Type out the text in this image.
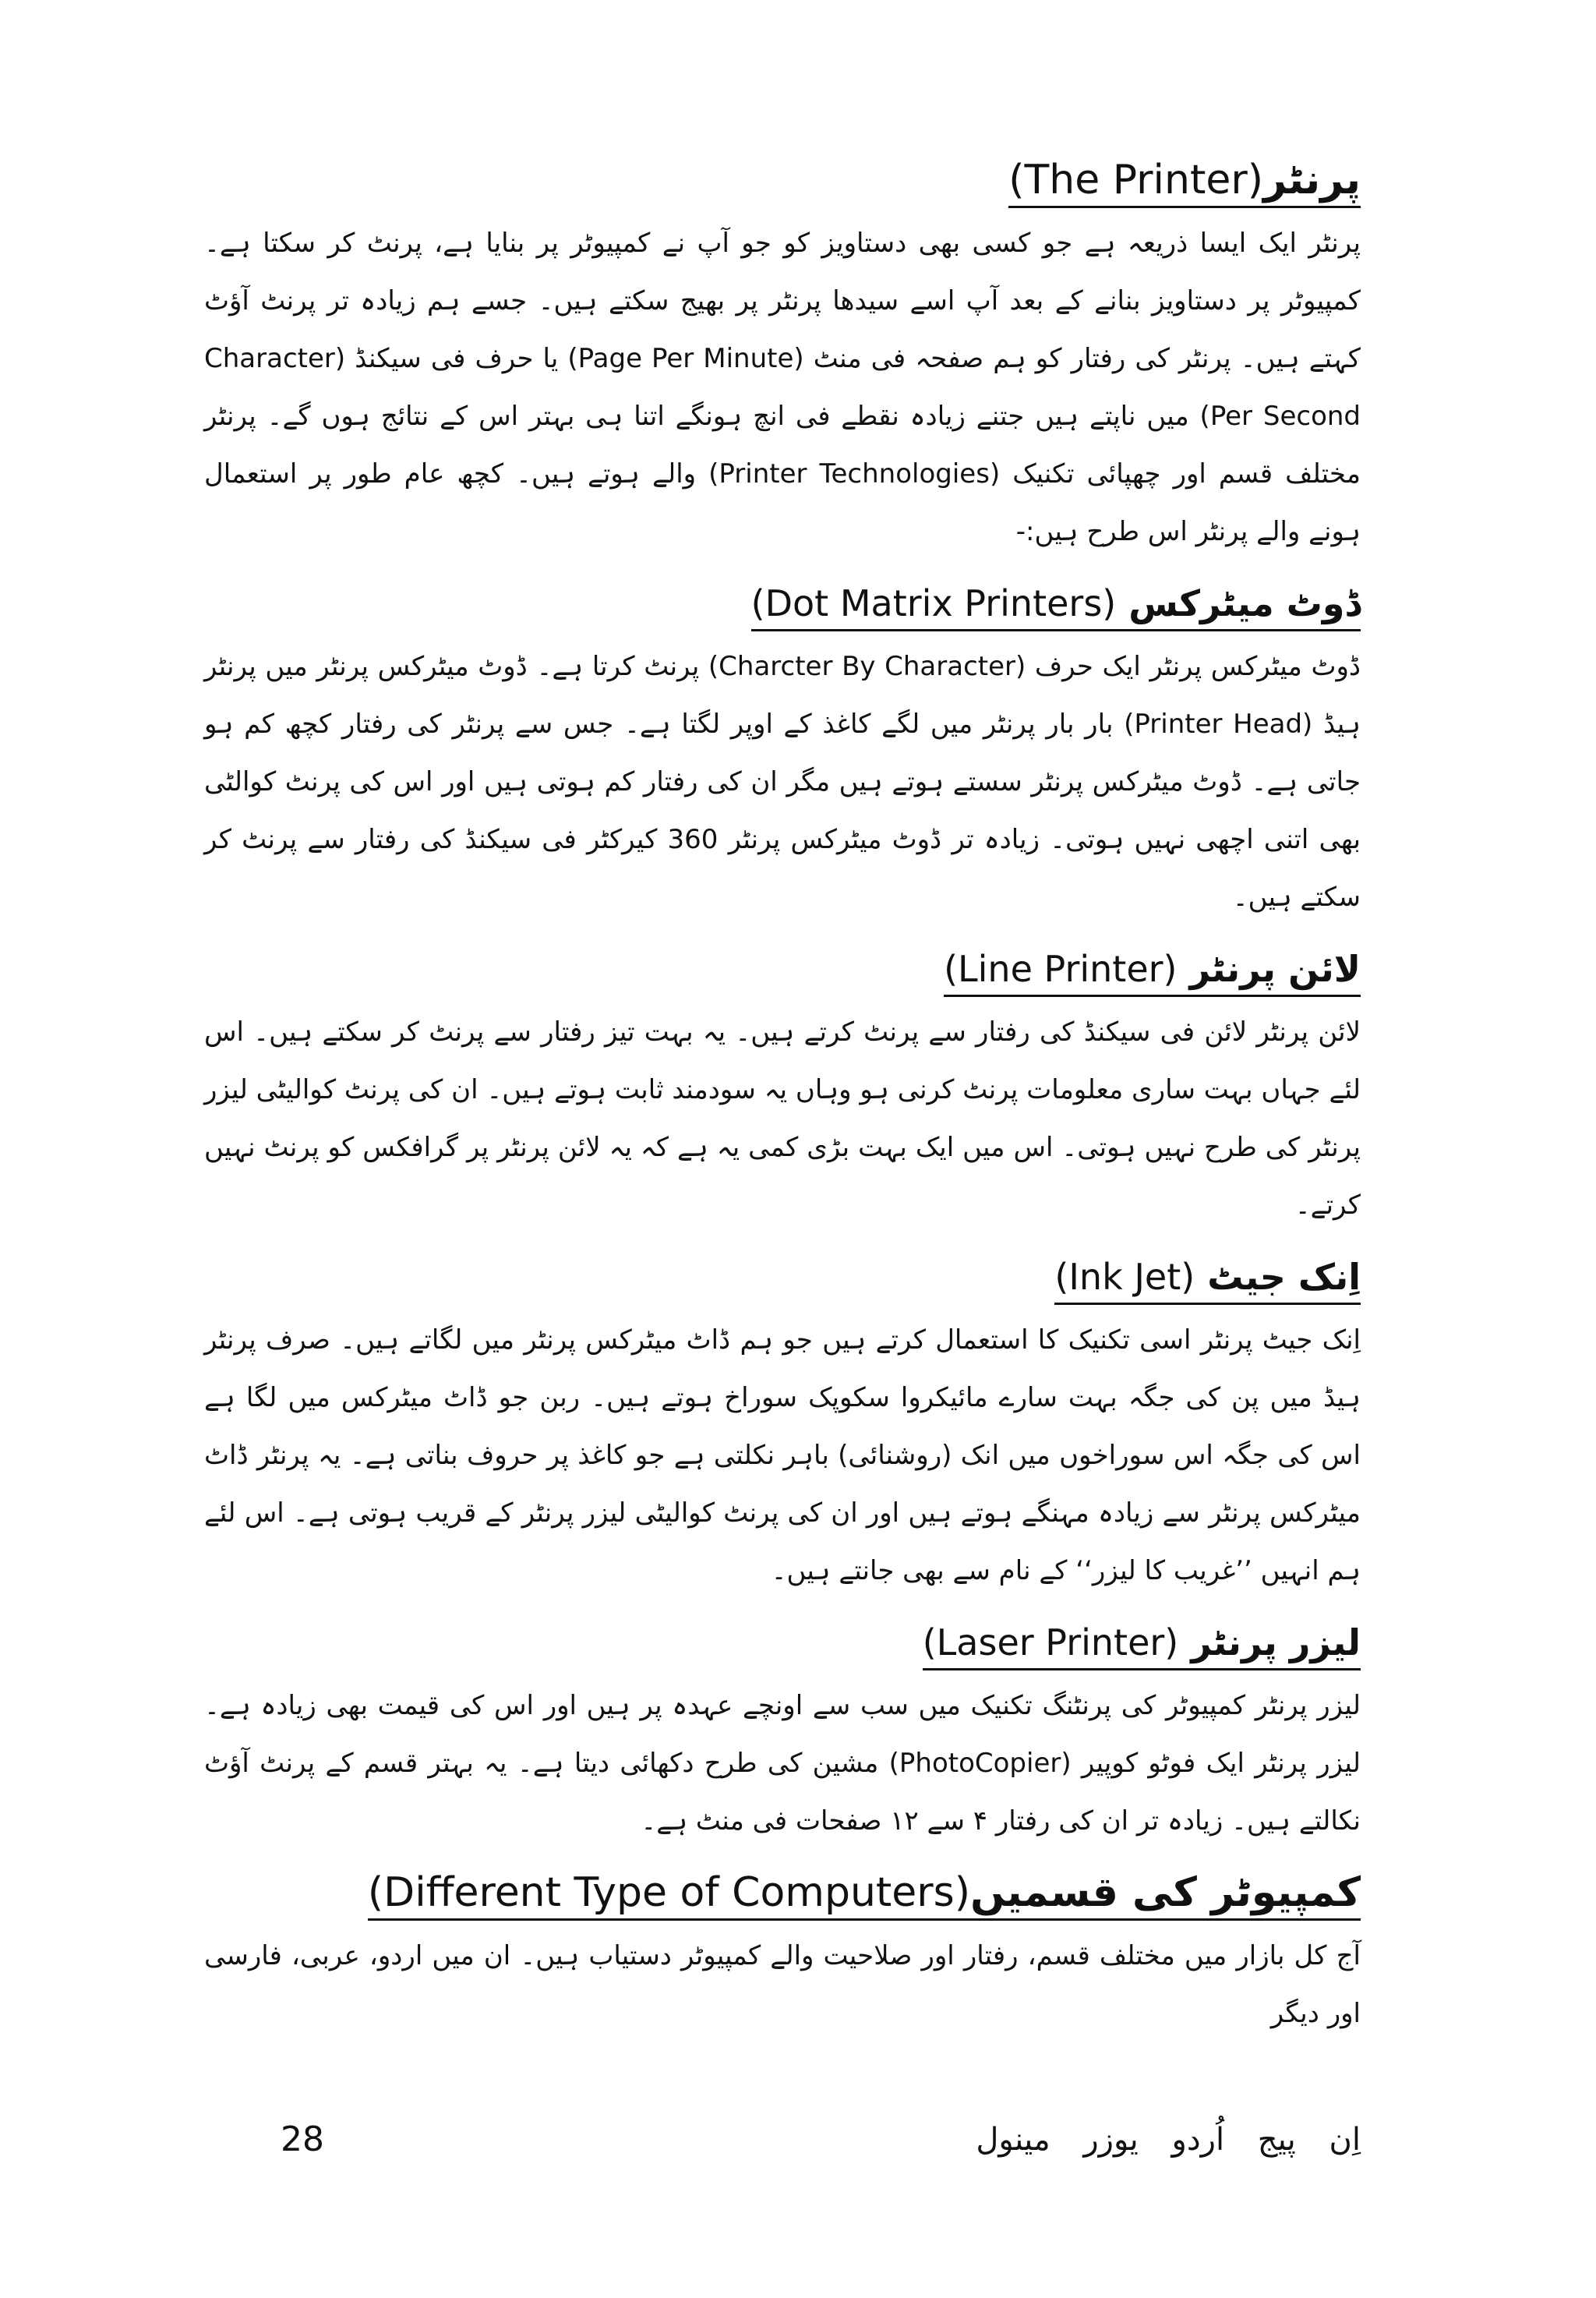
پرنٹر(The Printer)

پرنٹر ایک ایسا ذریعہ ہے جو کسی بھی دستاویز کو جو آپ نے کمپیوٹر پر بنایا ہے، پرنٹ کر سکتا ہے۔ کمپیوٹر پر دستاویز بنانے کے بعد آپ اسے سیدھا پرنٹر پر بھیج سکتے ہیں۔ جسے ہم زیادہ تر پرنٹ آؤٹ کہتے ہیں۔ پرنٹر کی رفتار کو ہم صفحہ فی منٹ (Page Per Minute) یا حرف فی سیکنڈ (Character Per Second) میں ناپتے ہیں جتنے زیادہ نقطے فی انچ ہونگے اتنا ہی بہتر اس کے نتائج ہوں گے۔ پرنٹر مختلف قسم اور چھپائی تکنیک (Printer Technologies) والے ہوتے ہیں۔ کچھ عام طور پر استعمال ہونے والے پرنٹر اس طرح ہیں:-

ڈوٹ میٹرکس (Dot Matrix Printers)

ڈوٹ میٹرکس پرنٹر ایک حرف (Charcter By Character) پرنٹ کرتا ہے۔ ڈوٹ میٹرکس پرنٹر میں پرنٹر ہیڈ (Printer Head) بار بار پرنٹر میں لگے کاغذ کے اوپر لگتا ہے۔ جس سے پرنٹر کی رفتار کچھ کم ہو جاتی ہے۔ ڈوٹ میٹرکس پرنٹر سستے ہوتے ہیں مگر ان کی رفتار کم ہوتی ہیں اور اس کی پرنٹ کوالٹی بھی اتنی اچھی نہیں ہوتی۔ زیادہ تر ڈوٹ میٹرکس پرنٹر 360 کیرکٹر فی سیکنڈ کی رفتار سے پرنٹ کر سکتے ہیں۔

لائن پرنٹر (Line Printer)

لائن پرنٹر لائن فی سیکنڈ کی رفتار سے پرنٹ کرتے ہیں۔ یہ بہت تیز رفتار سے پرنٹ کر سکتے ہیں۔ اس لئے جہاں بہت ساری معلومات پرنٹ کرنی ہو وہاں یہ سودمند ثابت ہوتے ہیں۔ ان کی پرنٹ کوالیٹی لیزر پرنٹر کی طرح نہیں ہوتی۔ اس میں ایک بہت بڑی کمی یہ ہے کہ یہ لائن پرنٹر پر گرافکس کو پرنٹ نہیں کرتے۔

اِنک جیٹ (Ink Jet)

اِنک جیٹ پرنٹر اسی تکنیک کا استعمال کرتے ہیں جو ہم ڈاٹ میٹرکس پرنٹر میں لگاتے ہیں۔ صرف پرنٹر ہیڈ میں پن کی جگہ بہت سارے مائیکروا سکوپک سوراخ ہوتے ہیں۔ ربن جو ڈاٹ میٹرکس میں لگا ہے اس کی جگہ اس سوراخوں میں انک (روشنائی) باہر نکلتی ہے جو کاغذ پر حروف بناتی ہے۔ یہ پرنٹر ڈاٹ میٹرکس پرنٹر سے زیادہ مہنگے ہوتے ہیں اور ان کی پرنٹ کوالیٹی لیزر پرنٹر کے قریب ہوتی ہے۔ اس لئے ہم انہیں ’’غریب کا لیزر‘‘ کے نام سے بھی جانتے ہیں۔

لیزر پرنٹر (Laser Printer)

لیزر پرنٹر کمپیوٹر کی پرنٹنگ تکنیک میں سب سے اونچے عہدہ پر ہیں اور اس کی قیمت بھی زیادہ ہے۔ لیزر پرنٹر ایک فوٹو کوپیر (PhotoCopier) مشین کی طرح دکھائی دیتا ہے۔ یہ بہتر قسم کے پرنٹ آؤٹ نکالتے ہیں۔ زیادہ تر ان کی رفتار ۴ سے ۱۲ صفحات فی منٹ ہے۔

کمپیوٹر کی قسمیں(Different Type of Computers)

آج کل بازار میں مختلف قسم، رفتار اور صلاحیت والے کمپیوٹر دستیاب ہیں۔ ان میں اردو، عربی، فارسی اور دیگر

28	اِن پیج اُردو یوزر مینول
